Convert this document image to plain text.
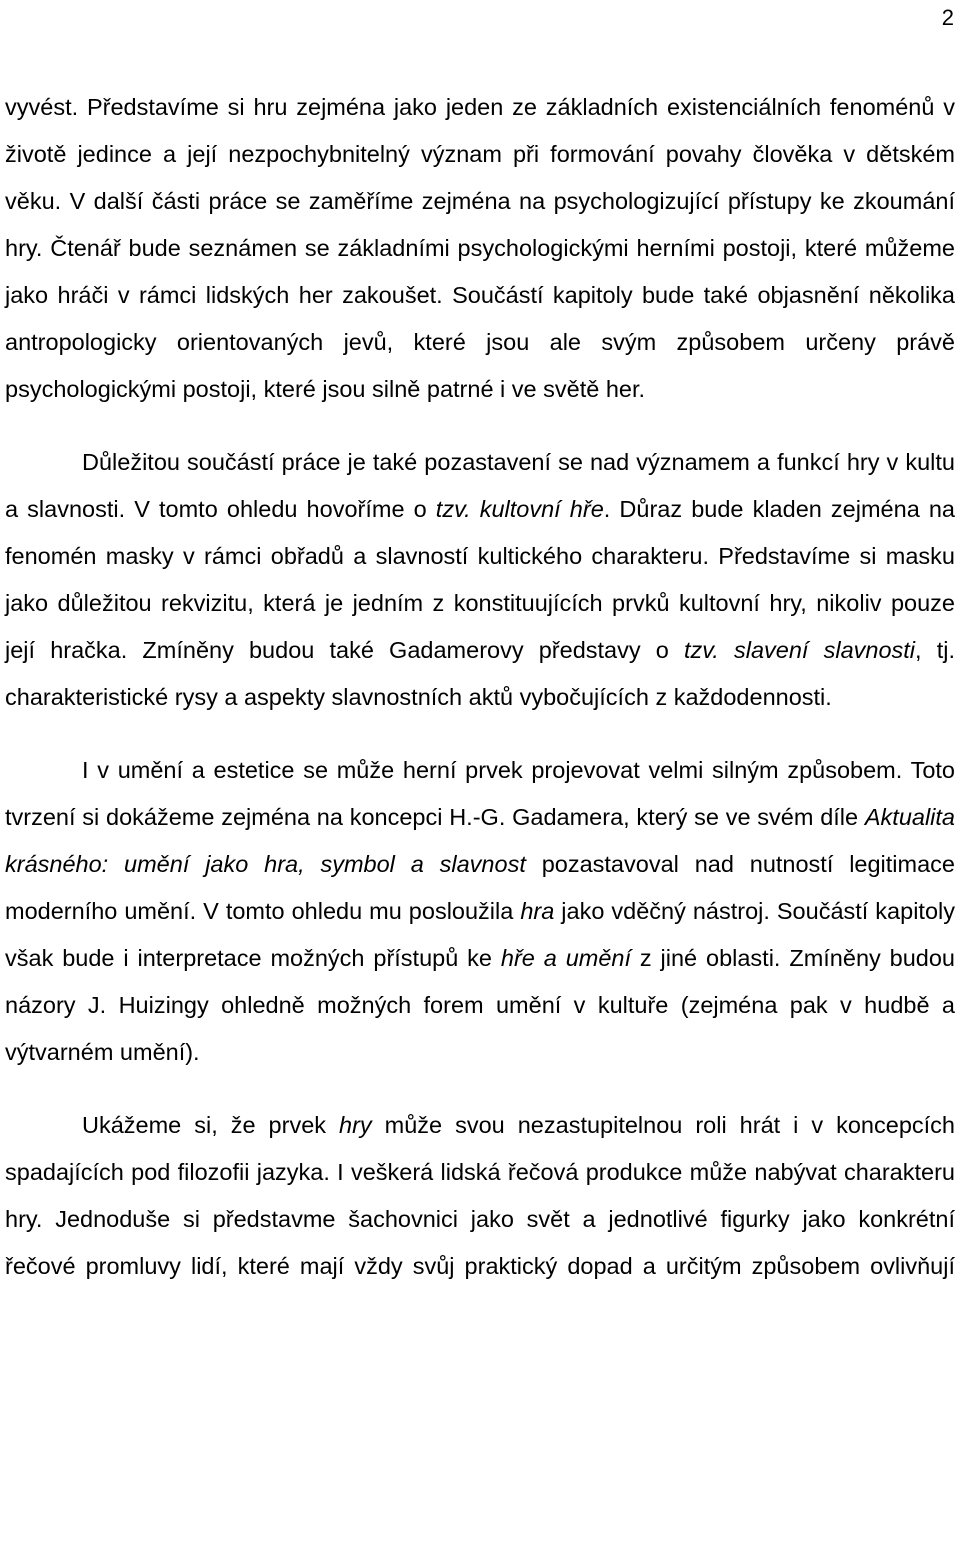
2

vyvést. Představíme si hru zejména jako jeden ze základních existenciálních fenoménů v životě jedince a její nezpochybnitelný význam při formování povahy člověka v dětském věku. V další části práce se zaměříme zejména na psychologizující přístupy ke zkoumání hry. Čtenář bude seznámen se základními psychologickými herními postoji, které můžeme jako hráči v rámci lidských her zakoušet. Součástí kapitoly bude také objasnění několika antropologicky orientovaných jevů, které jsou ale svým způsobem určeny právě psychologickými postoji, které jsou silně patrné i ve světě her.

Důležitou součástí práce je také pozastavení se nad významem a funkcí hry v kultu a slavnosti. V tomto ohledu hovoříme o tzv. kultovní hře. Důraz bude kladen zejména na fenomén masky v rámci obřadů a slavností kultického charakteru. Představíme si masku jako důležitou rekvizitu, která je jedním z konstituujících prvků kultovní hry, nikoliv pouze její hračka. Zmíněny budou také Gadamerovy představy o tzv. slavení slavnosti, tj. charakteristické rysy a aspekty slavnostních aktů vybočujících z každodennosti.

I v umění a estetice se může herní prvek projevovat velmi silným způsobem. Toto tvrzení si dokážeme zejména na koncepci H.-G. Gadamera, který se ve svém díle Aktualita krásného: umění jako hra, symbol a slavnost pozastavoval nad nutností legitimace moderního umění. V tomto ohledu mu posloužila hra jako vděčný nástroj. Součástí kapitoly však bude i interpretace možných přístupů ke hře a umění z jiné oblasti. Zmíněny budou názory J. Huizingy ohledně možných forem umění v kultuře (zejména pak v hudbě a výtvarném umění).

Ukážeme si, že prvek hry může svou nezastupitelnou roli hrát i v koncepcích spadajících pod filozofii jazyka. I veškerá lidská řečová produkce může nabývat charakteru hry. Jednoduše si představme šachovnici jako svět a jednotlivé figurky jako konkrétní řečové promluvy lidí, které mají vždy svůj praktický dopad a určitým způsobem ovlivňují
